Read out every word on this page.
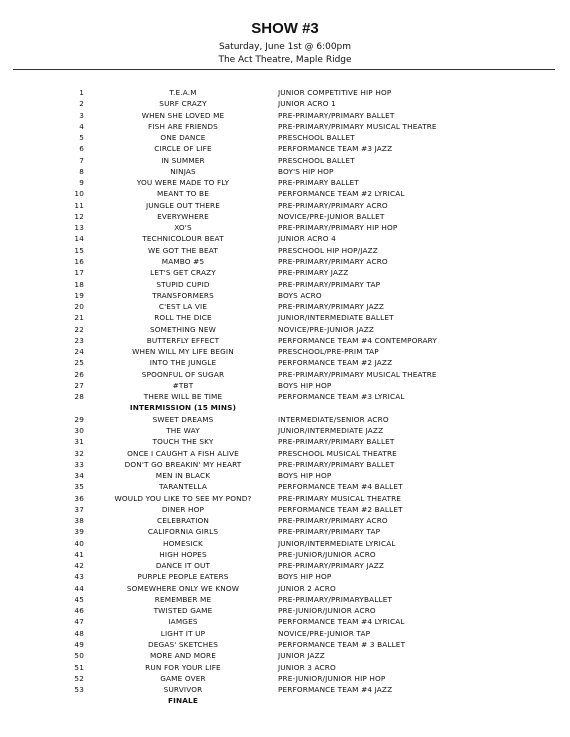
SHOW #3
Saturday, June 1st @ 6:00pm
The Act Theatre, Maple Ridge
1	T.E.A.M	JUNIOR COMPETITIVE HIP HOP
2	SURF CRAZY	JUNIOR ACRO 1
3	WHEN SHE LOVED ME	PRE-PRIMARY/PRIMARY BALLET
4	FISH ARE FRIENDS	PRE-PRIMARY/PRIMARY MUSICAL THEATRE
5	ONE DANCE	PRESCHOOL BALLET
6	CIRCLE OF LIFE	PERFORMANCE TEAM #3 JAZZ
7	IN SUMMER	PRESCHOOL BALLET
8	NINJAS	BOY'S HIP HOP
9	YOU WERE MADE TO FLY	PRE-PRIMARY BALLET
10	MEANT TO BE	PERFORMANCE TEAM #2 LYRICAL
11	JUNGLE OUT THERE	PRE-PRIMARY/PRIMARY ACRO
12	EVERYWHERE	NOVICE/PRE-JUNIOR BALLET
13	XO'S	PRE-PRIMARY/PRIMARY HIP HOP
14	TECHNICOLOUR BEAT	JUNIOR ACRO 4
15	WE GOT THE BEAT	PRESCHOOL HIP HOP/JAZZ
16	MAMBO #5	PRE-PRIMARY/PRIMARY ACRO
17	LET'S GET CRAZY	PRE-PRIMARY JAZZ
18	STUPID CUPID	PRE-PRIMARY/PRIMARY TAP
19	TRANSFORMERS	BOYS ACRO
20	C'EST LA VIE	PRE-PRIMARY/PRIMARY JAZZ
21	ROLL THE DICE	JUNIOR/INTERMEDIATE BALLET
22	SOMETHING NEW	NOVICE/PRE-JUNIOR JAZZ
23	BUTTERFLY EFFECT	PERFORMANCE TEAM #4 CONTEMPORARY
24	WHEN WILL MY LIFE BEGIN	PRESCHOOL/PRE-PRIM TAP
25	INTO THE JUNGLE	PERFORMANCE TEAM #2 JAZZ
26	SPOONFUL OF SUGAR	PRE-PRIMARY/PRIMARY MUSICAL THEATRE
27	#TBT	BOYS HIP HOP
28	THERE WILL BE TIME	PERFORMANCE TEAM #3 LYRICAL
INTERMISSION (15 MINS)
29	SWEET DREAMS	INTERMEDIATE/SENIOR ACRO
30	THE WAY	JUNIOR/INTERMEDIATE JAZZ
31	TOUCH THE SKY	PRE-PRIMARY/PRIMARY BALLET
32	ONCE I CAUGHT A FISH ALIVE	PRESCHOOL MUSICAL THEATRE
33	DON'T GO BREAKIN' MY HEART	PRE-PRIMARY/PRIMARY BALLET
34	MEN IN BLACK	BOYS HIP HOP
35	TARANTELLA	PERFORMANCE TEAM #4 BALLET
36	WOULD YOU LIKE TO SEE MY POND?	PRE-PRIMARY MUSICAL THEATRE
37	DINER HOP	PERFORMANCE TEAM #2 BALLET
38	CELEBRATION	PRE-PRIMARY/PRIMARY ACRO
39	CALIFORNIA GIRLS	PRE-PRIMARY/PRIMARY TAP
40	HOMESICK	JUNIOR/INTERMEDIATE LYRICAL
41	HIGH HOPES	PRE-JUNIOR/JUNIOR ACRO
42	DANCE IT OUT	PRE-PRIMARY/PRIMARY JAZZ
43	PURPLE PEOPLE EATERS	BOYS HIP HOP
44	SOMEWHERE ONLY WE KNOW	JUNIOR 2 ACRO
45	REMEMBER ME	PRE-PRIMARY/PRIMARYBALLET
46	TWISTED GAME	PRE-JUNIOR/JUNIOR ACRO
47	IAMGES	PERFORMANCE TEAM #4 LYRICAL
48	LIGHT IT UP	NOVICE/PRE-JUNIOR TAP
49	DEGAS' SKETCHES	PERFORMANCE TEAM # 3 BALLET
50	MORE AND MORE	JUNIOR JAZZ
51	RUN FOR YOUR LIFE	JUNIOR 3 ACRO
52	GAME OVER	PRE-JUNIOR/JUNIOR HIP HOP
53	SURVIVOR	PERFORMANCE TEAM #4 JAZZ
FINALE
